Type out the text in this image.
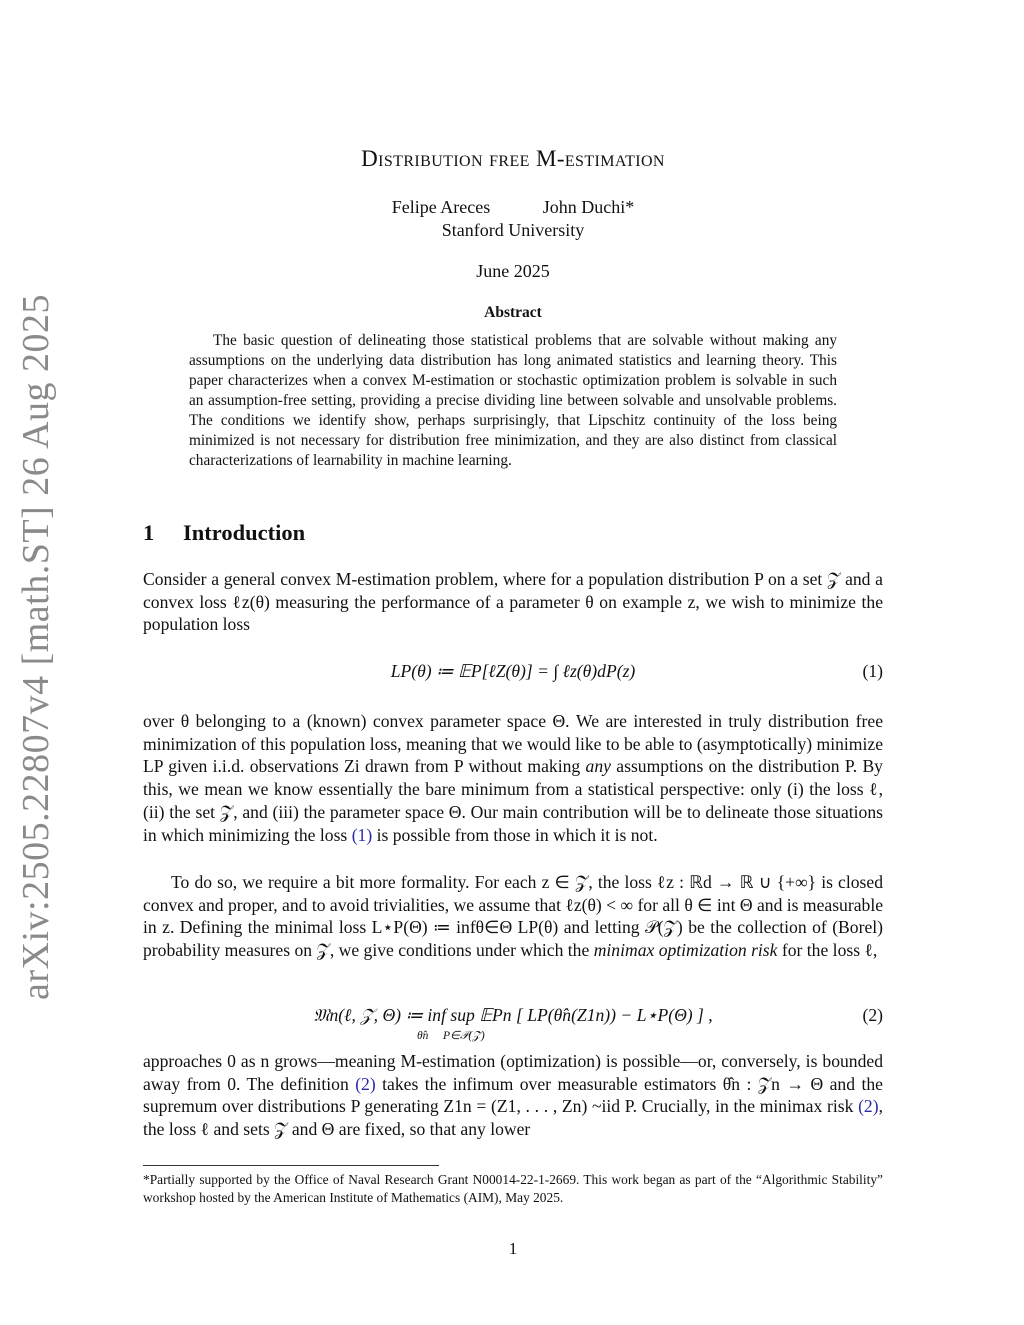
arXiv:2505.22807v4 [math.ST] 26 Aug 2025
Distribution free M-estimation
Felipe Areces	John Duchi*
Stanford University
June 2025
Abstract
The basic question of delineating those statistical problems that are solvable without making any assumptions on the underlying data distribution has long animated statistics and learning theory. This paper characterizes when a convex M-estimation or stochastic optimization problem is solvable in such an assumption-free setting, providing a precise dividing line between solvable and unsolvable problems. The conditions we identify show, perhaps surprisingly, that Lipschitz continuity of the loss being minimized is not necessary for distribution free minimization, and they are also distinct from classical characterizations of learnability in machine learning.
1 Introduction

Consider a general convex M-estimation problem, where for a population distribution P on a set 𝒵 and a convex loss ℓz(θ) measuring the performance of a parameter θ on example z, we wish to minimize the population loss

LP(θ) ≔ 𝔼P[ℓZ(θ)] = ∫ ℓz(θ)dP(z)	(1)

over θ belonging to a (known) convex parameter space Θ. We are interested in truly distribution free minimization of this population loss, meaning that we would like to be able to (asymptotically) minimize LP given i.i.d. observations Zi drawn from P without making any assumptions on the distribution P. By this, we mean we know essentially the bare minimum from a statistical perspective: only (i) the loss ℓ, (ii) the set 𝒵, and (iii) the parameter space Θ. Our main contribution will be to delineate those situations in which minimizing the loss (1) is possible from those in which it is not.

To do so, we require a bit more formality. For each z ∈ 𝒵, the loss ℓz : ℝd → ℝ ∪ {+∞} is closed convex and proper, and to avoid trivialities, we assume that ℓz(θ) < ∞ for all θ ∈ int Θ and is measurable in z. Defining the minimal loss L⋆P(Θ) ≔ infθ∈Θ LP(θ) and letting 𝒫(𝒵) be the collection of (Borel) probability measures on 𝒵, we give conditions under which the minimax optimization risk for the loss ℓ,

𝔐n(ℓ, 𝒵, Θ) ≔ inf sup 𝔼Pn [ LP(θ̂n(Z1n)) − L⋆P(Θ) ] ,
θ̂n P∈𝒫(𝒵)
(2)

approaches 0 as n grows—meaning M-estimation (optimization) is possible—or, conversely, is bounded away from 0. The definition (2) takes the infimum over measurable estimators θ̂n : 𝒵n → Θ and the supremum over distributions P generating Z1n = (Z1, . . . , Zn) ~iid P. Crucially, in the minimax risk (2), the loss ℓ and sets 𝒵 and Θ are fixed, so that any lower

*Partially supported by the Office of Naval Research Grant N00014-22-1-2669. This work began as part of the “Algorithmic Stability” workshop hosted by the American Institute of Mathematics (AIM), May 2025.
1
